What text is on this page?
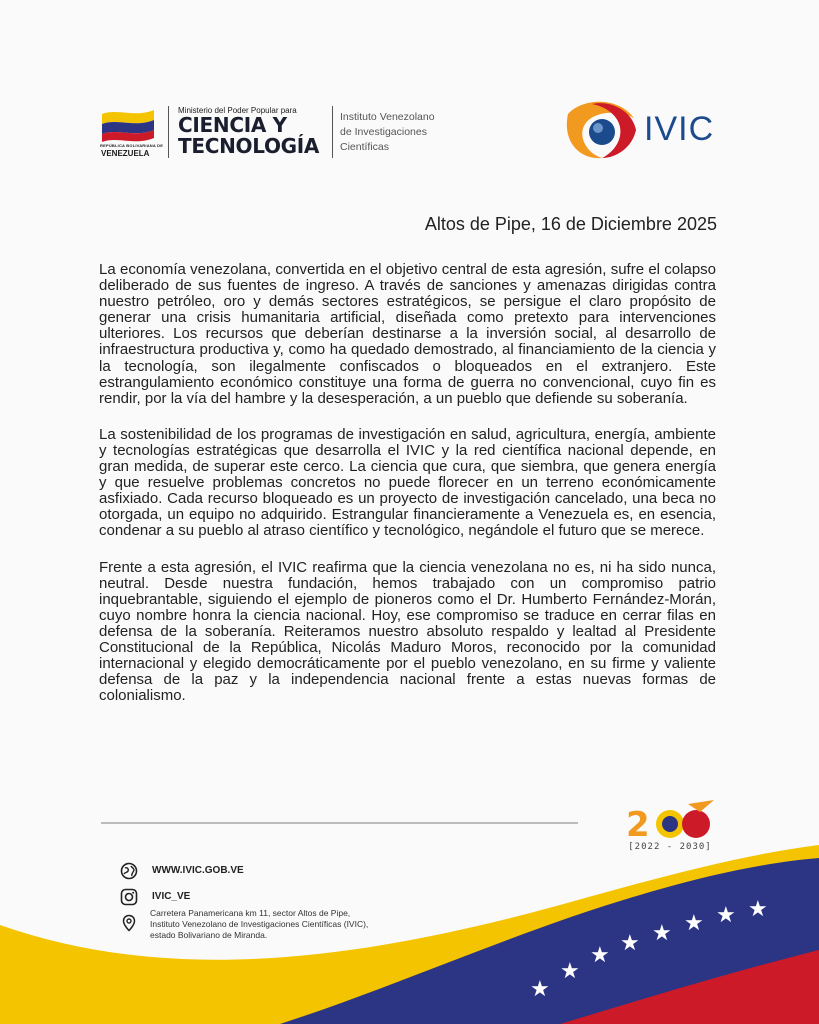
★
★
★ ★ ★ ★ ★ ★
REPÚBLICA BOLIVARIANA DE
VENEZUELA
Ministerio del Poder Popular para
CIENCIA Y
TECNOLOGÍA
Instituto Venezolano
de Investigaciones
Científicas	IVIC
Altos de Pipe, 16 de Diciembre 2025

La economía venezolana, convertida en el objetivo central de esta agresión, sufre el colapso deliberado de sus fuentes de ingreso. A través de sanciones y amenazas dirigidas contra nuestro petróleo, oro y demás sectores estratégicos, se persigue el claro propósito de generar una crisis humanitaria artificial, diseñada como pretexto para intervenciones ulteriores. Los recursos que deberían destinarse a la inversión social, al desarrollo de infraestructura productiva y, como ha quedado demostrado, al financiamiento de la ciencia y la tecnología, son ilegalmente confiscados o bloqueados en el extranjero. Este estrangulamiento económico constituye una forma de guerra no convencional, cuyo fin es rendir, por la vía del hambre y la desesperación, a un pueblo que defiende su soberanía.

La sostenibilidad de los programas de investigación en salud, agricultura, energía, ambiente y tecnologías estratégicas que desarrolla el IVIC y la red científica nacional depende, en gran medida, de superar este cerco. La ciencia que cura, que siembra, que genera energía y que resuelve problemas concretos no puede florecer en un terreno económicamente asfixiado. Cada recurso bloqueado es un proyecto de investigación cancelado, una beca no otorgada, un equipo no adquirido. Estrangular financieramente a Venezuela es, en esencia, condenar a su pueblo al atraso científico y tecnológico, negándole el futuro que se merece.

Frente a esta agresión, el IVIC reafirma que la ciencia venezolana no es, ni ha sido nunca, neutral. Desde nuestra fundación, hemos trabajado con un compromiso patrio inquebrantable, siguiendo el ejemplo de pioneros como el Dr. Humberto Fernández-Morán, cuyo nombre honra la ciencia nacional. Hoy, ese compromiso se traduce en cerrar filas en defensa de la soberanía. Reiteramos nuestro absoluto respaldo y lealtad al Presidente Constitucional de la República, Nicolás Maduro Moros, reconocido por la comunidad internacional y elegido democráticamente por el pueblo venezolano, en su firme y valiente defensa de la paz y la independencia nacional frente a estas nuevas formas de colonialismo.

2
[2022 - 2030]
WWW.IVIC.GOB.VE
IVIC_VE
Carretera Panamericana km 11, sector Altos de Pipe, Instituto Venezolano de Investigaciones Científicas (IVIC), estado Bolivariano de Miranda.
